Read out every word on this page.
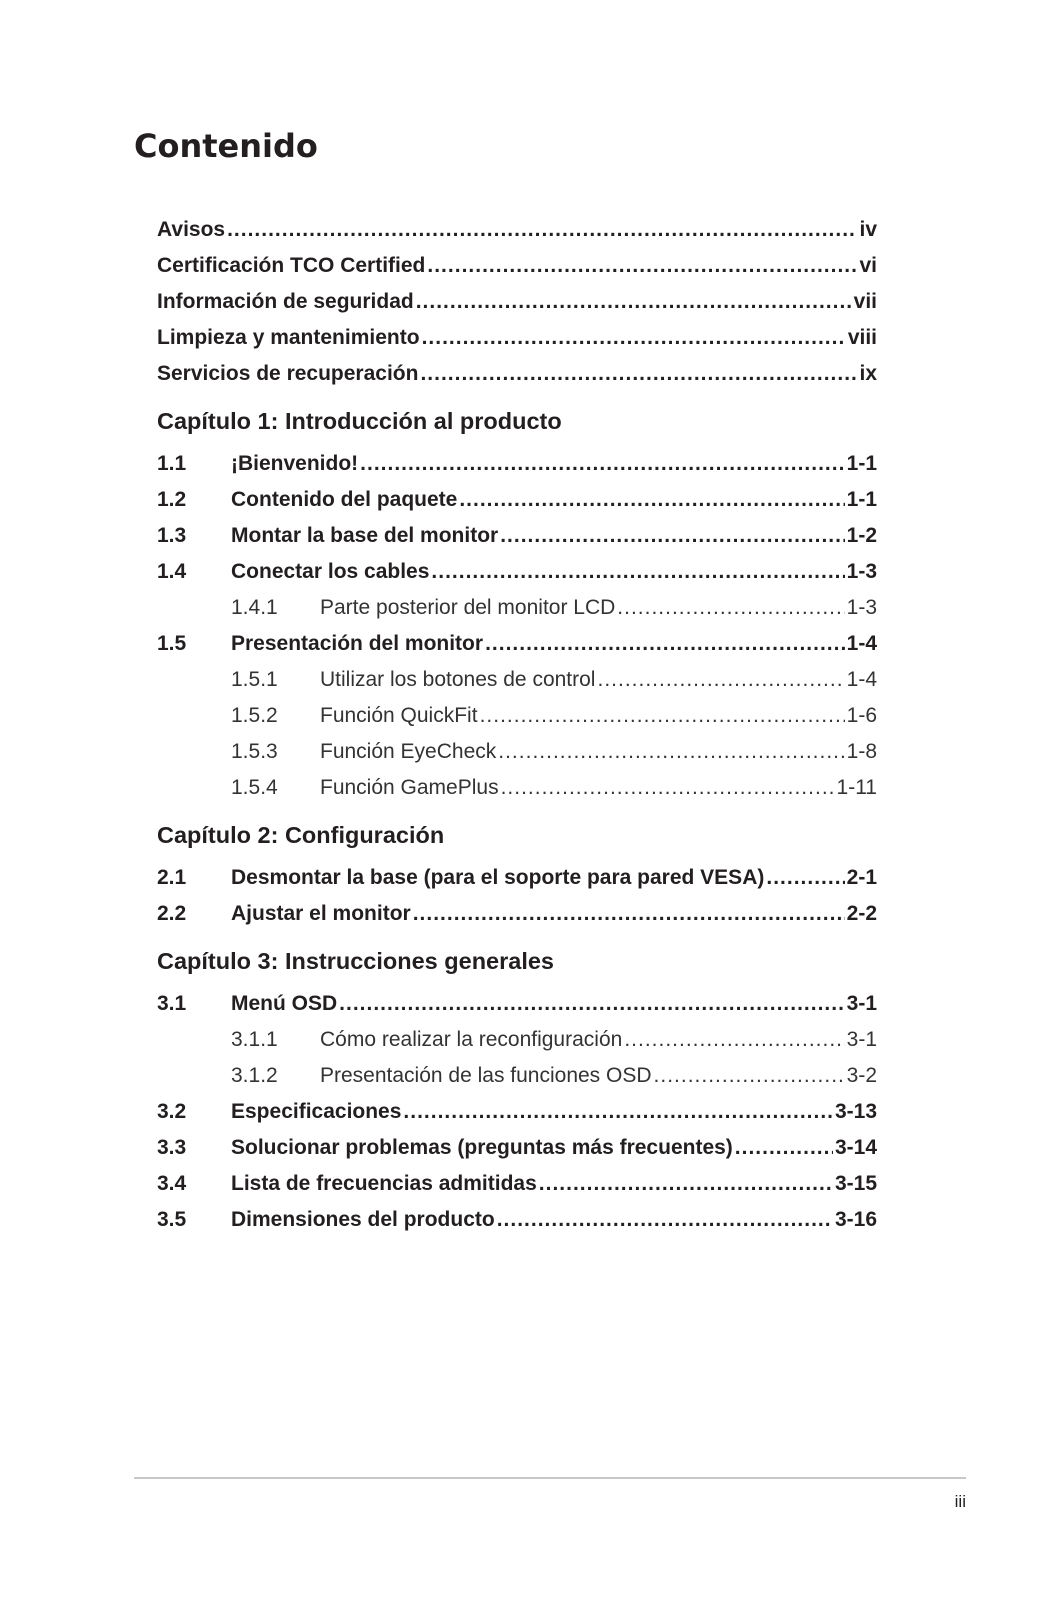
Contenido
Avisos .....	iv
Certificación TCO Certified .....	vi
Información de seguridad .....	vii
Limpieza y mantenimiento .....	viii
Servicios de recuperación .....	ix
Capítulo 1: Introducción al producto
1.1	¡Bienvenido! .....	1-1
1.2	Contenido del paquete .....	1-1
1.3	Montar la base del monitor .....	1-2
1.4	Conectar los cables .....	1-3
1.4.1	Parte posterior del monitor LCD .....	1-3
1.5	Presentación del monitor .....	1-4
1.5.1	Utilizar los botones de control .....	1-4
1.5.2	Función QuickFit .....	1-6
1.5.3	Función EyeCheck .....	1-8
1.5.4	Función GamePlus .....	1-11
Capítulo 2: Configuración
2.1	Desmontar la base (para el soporte para pared VESA) .....	2-1
2.2	Ajustar el monitor .....	2-2
Capítulo 3: Instrucciones generales
3.1	Menú OSD .....	3-1
3.1.1	Cómo realizar la reconfiguración .....	3-1
3.1.2	Presentación de las funciones OSD .....	3-2
3.2	Especificaciones .....	3-13
3.3	Solucionar problemas (preguntas más frecuentes) .....	3-14
3.4	Lista de frecuencias admitidas .....	3-15
3.5	Dimensiones del producto .....	3-16
iii
